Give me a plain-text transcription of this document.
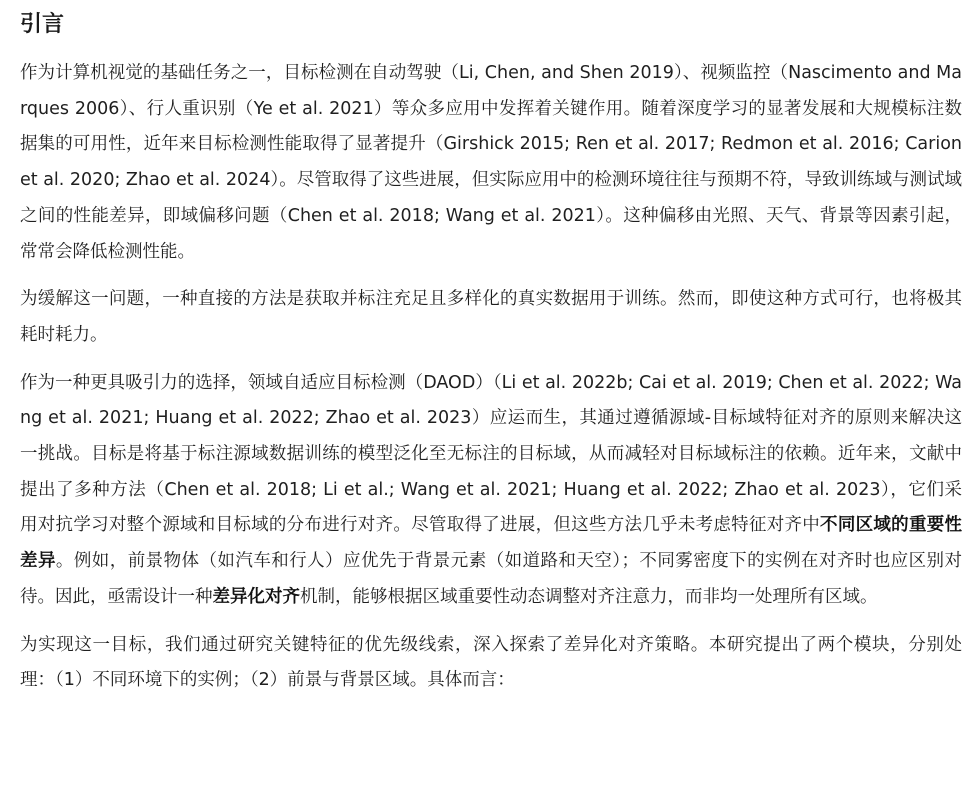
引言

作为计算机视觉的基础任务之一，目标检测在自动驾驶（Li, Chen, and Shen 2019）、视频监控（Nascimento and Marques 2006）、行人重识别（Ye et al. 2021）等众多应用中发挥着关键作用。随着深度学习的显著发展和大规模标注数据集的可用性，近年来目标检测性能取得了显著提升（Girshick 2015; Ren et al. 2017; Redmon et al. 2016; Carion et al. 2020; Zhao et al. 2024）。尽管取得了这些进展，但实际应用中的检测环境往往与预期不符，导致训练域与测试域之间的性能差异，即域偏移问题（Chen et al. 2018; Wang et al. 2021）。这种偏移由光照、天气、背景等因素引起，常常会降低检测性能。

为缓解这一问题，一种直接的方法是获取并标注充足且多样化的真实数据用于训练。然而，即使这种方式可行，也将极其耗时耗力。

作为一种更具吸引力的选择，领域自适应目标检测（DAOD）（Li et al. 2022b; Cai et al. 2019; Chen et al. 2022; Wang et al. 2021; Huang et al. 2022; Zhao et al. 2023）应运而生，其通过遵循源域-目标域特征对齐的原则来解决这一挑战。目标是将基于标注源域数据训练的模型泛化至无标注的目标域，从而减轻对目标域标注的依赖。近年来，文献中提出了多种方法（Chen et al. 2018; Li et al.; Wang et al. 2021; Huang et al. 2022; Zhao et al. 2023），它们采用对抗学习对整个源域和目标域的分布进行对齐。尽管取得了进展，但这些方法几乎未考虑特征对齐中不同区域的重要性差异。例如，前景物体（如汽车和行人）应优先于背景元素（如道路和天空）；不同雾密度下的实例在对齐时也应区别对待。因此，亟需设计一种差异化对齐机制，能够根据区域重要性动态调整对齐注意力，而非均一处理所有区域。

为实现这一目标，我们通过研究关键特征的优先级线索，深入探索了差异化对齐策略。本研究提出了两个模块，分别处理：（1）不同环境下的实例；（2）前景与背景区域。具体而言：
